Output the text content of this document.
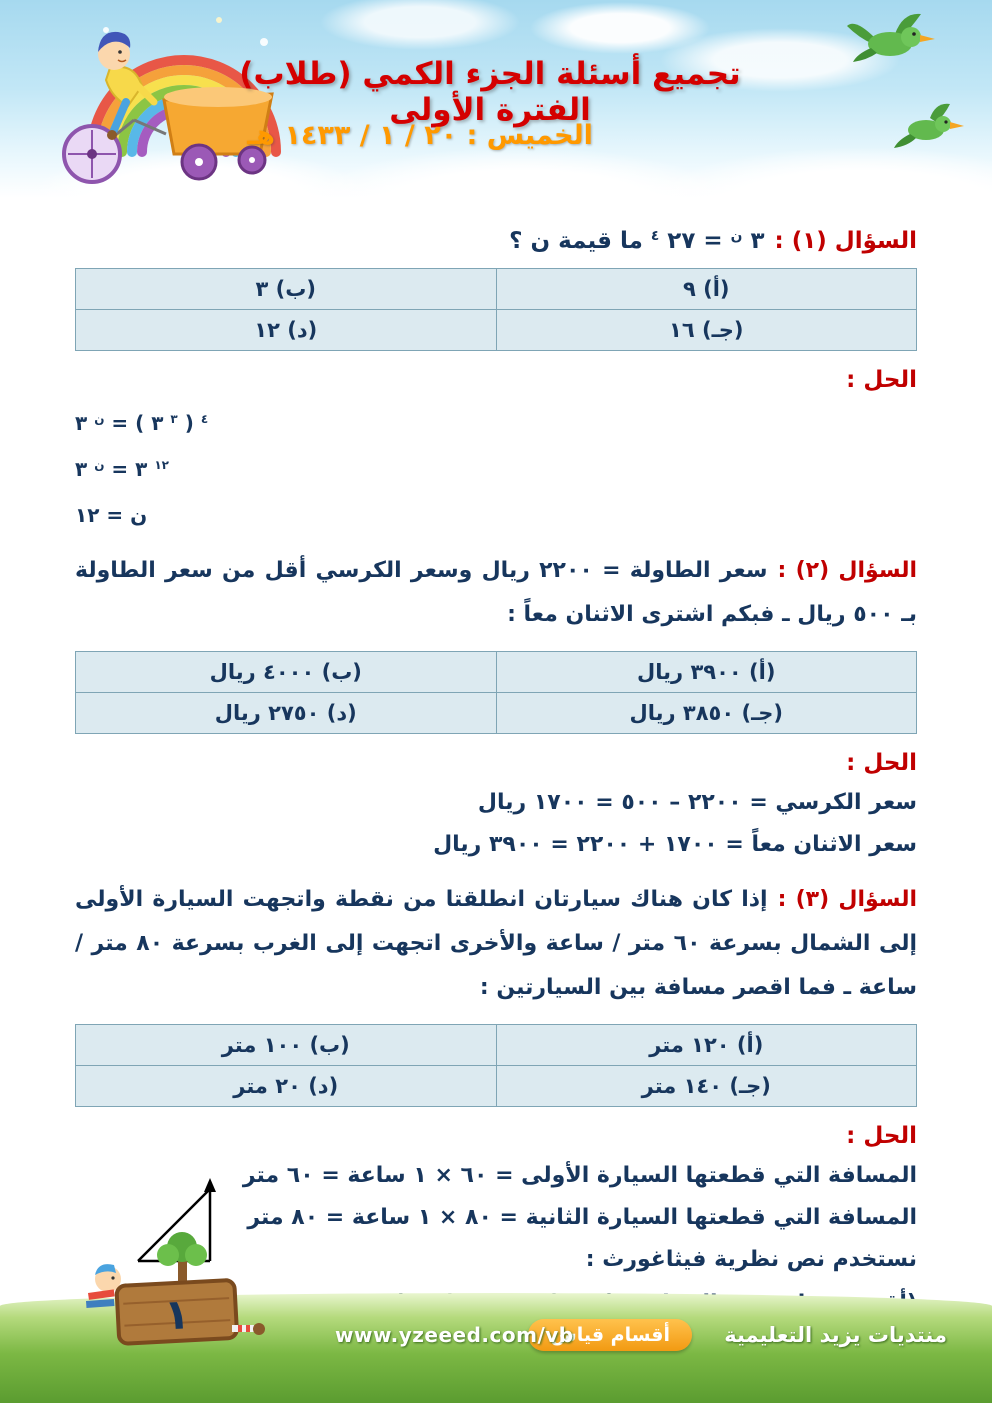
تجميع أسئلة الجزء الكمي (طلاب) الفترة الأولى
الخميس : ٢٠ / ١ / ١٤٣٣ هـ
السؤال (١) :
٣
ن
= ٢٧
٤
ما قيمة ن ؟
(أ) ٩	(ب) ٣
(جـ) ١٦	(د) ١٢
الحل :
٣ ن = ( ٣ ٣ ) ٤
٣ ن = ٣ ١٢
ن = ١٢

السؤال (٢) :سعر الطاولة = ٢٢٠٠ ريال وسعر الكرسي أقل من سعر الطاولة بـ ٥٠٠ ريال ـ فبكم اشترى الاثنان معاً :

(أ) ٣٩٠٠ ريال	(ب) ٤٠٠٠ ريال
(جـ) ٣٨٥٠ ريال	(د) ٢٧٥٠ ريال
الحل :
سعر الكرسي = ٢٢٠٠ – ٥٠٠ = ١٧٠٠ ريال
سعر الاثنان معاً = ١٧٠٠ + ٢٢٠٠ = ٣٩٠٠ ريال

السؤال (٣) :إذا كان هناك سيارتان انطلقتا من نقطة واتجهت السيارة الأولى إلى الشمال بسرعة ٦٠ متر / ساعة والأخرى اتجهت إلى الغرب بسرعة ٨٠ متر / ساعة ـ فما اقصر مسافة بين السيارتين :

(أ) ١٢٠ متر	(ب) ١٠٠ متر
(جـ) ١٤٠ متر	(د) ٢٠ متر
الحل :
المسافة التي قطعتها السيارة الأولى = ٦٠ × ١ ساعة = ٦٠ متر
المسافة التي قطعتها السيارة الثانية = ٨٠ × ١ ساعة = ٨٠ متر
نستخدم نص نظرية فيثاغورث :
١	منتديات يزيد التعليمية
أقسام قياس
www.yzeeed.com/vb
